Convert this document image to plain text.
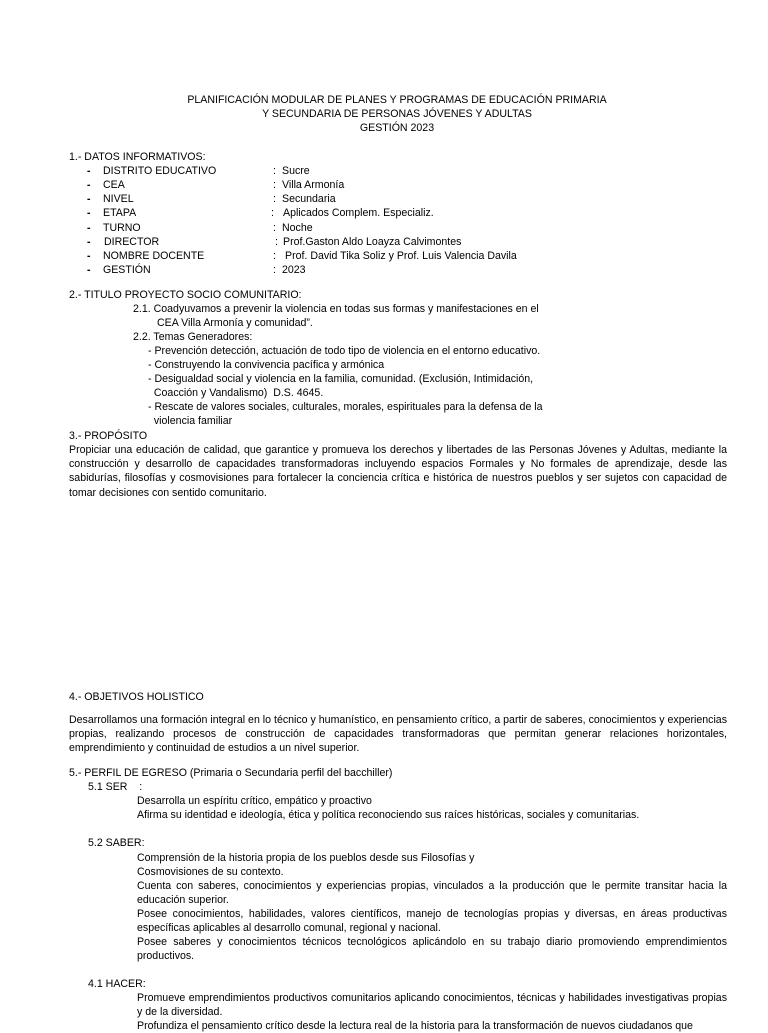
PLANIFICACIÓN MODULAR DE PLANES Y PROGRAMAS DE EDUCACIÓN PRIMARIA
Y SECUNDARIA DE PERSONAS JÓVENES Y ADULTAS
GESTIÓN 2023
1.- DATOS INFORMATIVOS:
- DISTRITO EDUCATIVO	: Sucre
- CEA	: Villa Armonía
- NIVEL	: Secundaria
- ETAPA	: Aplicados Complem. Especializ.
- TURNO	: Noche
- DIRECTOR	: Prof.Gaston Aldo Loayza Calvimontes
- NOMBRE DOCENTE	: Prof. David Tika Soliz y Prof. Luis Valencia Davila
- GESTIÓN	: 2023
2.- TITULO PROYECTO SOCIO COMUNITARIO:
2.1. Coadyuvamos a prevenir la violencia en todas sus formas y manifestaciones en el
CEA Villa Armonía y comunidad”.
2.2. Temas Generadores:
- Prevención detección, actuación de todo tipo de violencia en el entorno educativo.
- Construyendo la convivencia pacífica y armónica
- Desigualdad social y violencia en la familia, comunidad. (Exclusión, Intimidación,
Coacción y Vandalismo)  D.S. 4645.
- Rescate de valores sociales, culturales, morales, espirituales para la defensa de la
violencia familiar
3.- PROPÓSITO
Propiciar una educación de calidad, que garantice y promueva los derechos y libertades de las Personas Jóvenes y Adultas, mediante la construcción y desarrollo de capacidades transformadoras incluyendo espacios Formales y No formales de aprendizaje, desde las sabidurías, filosofías y cosmovisiones para fortalecer la conciencia crítica e histórica de nuestros pueblos y ser sujetos con capacidad de tomar decisiones con sentido comunitario.
4.- OBJETIVOS HOLISTICO
Desarrollamos una formación integral en lo técnico y humanístico, en pensamiento crítico, a partir de saberes, conocimientos y experiencias propias, realizando procesos de construcción de capacidades transformadoras que permitan generar relaciones horizontales, emprendimiento y continuidad de estudios a un nivel superior.
5.- PERFIL DE EGRESO (Primaria o Secundaria perfil del bacchiller)
5.1 SER    :
Desarrolla un espíritu crítico, empático y proactivo
Afirma su identidad e ideología, ética y política reconociendo sus raíces históricas, sociales y comunitarias.
5.2 SABER:
Comprensión de la historia propia de los pueblos desde sus Filosofías y
Cosmovisiones de su contexto.
Cuenta con saberes, conocimientos y experiencias propias, vinculados a la producción que le permite transitar hacia la educación superior.
Posee conocimientos, habilidades, valores científicos, manejo de tecnologías propias y diversas, en áreas productivas específicas aplicables al desarrollo comunal, regional y nacional.
Posee saberes y conocimientos técnicos tecnológicos aplicándolo en su trabajo diario promoviendo emprendimientos productivos.
4.1 HACER:
Promueve emprendimientos productivos comunitarios aplicando conocimientos, técnicas y habilidades investigativas propias y de la diversidad.
Profundiza el pensamiento crítico desde la lectura real de la historia para la transformación de nuevos ciudadanos que
